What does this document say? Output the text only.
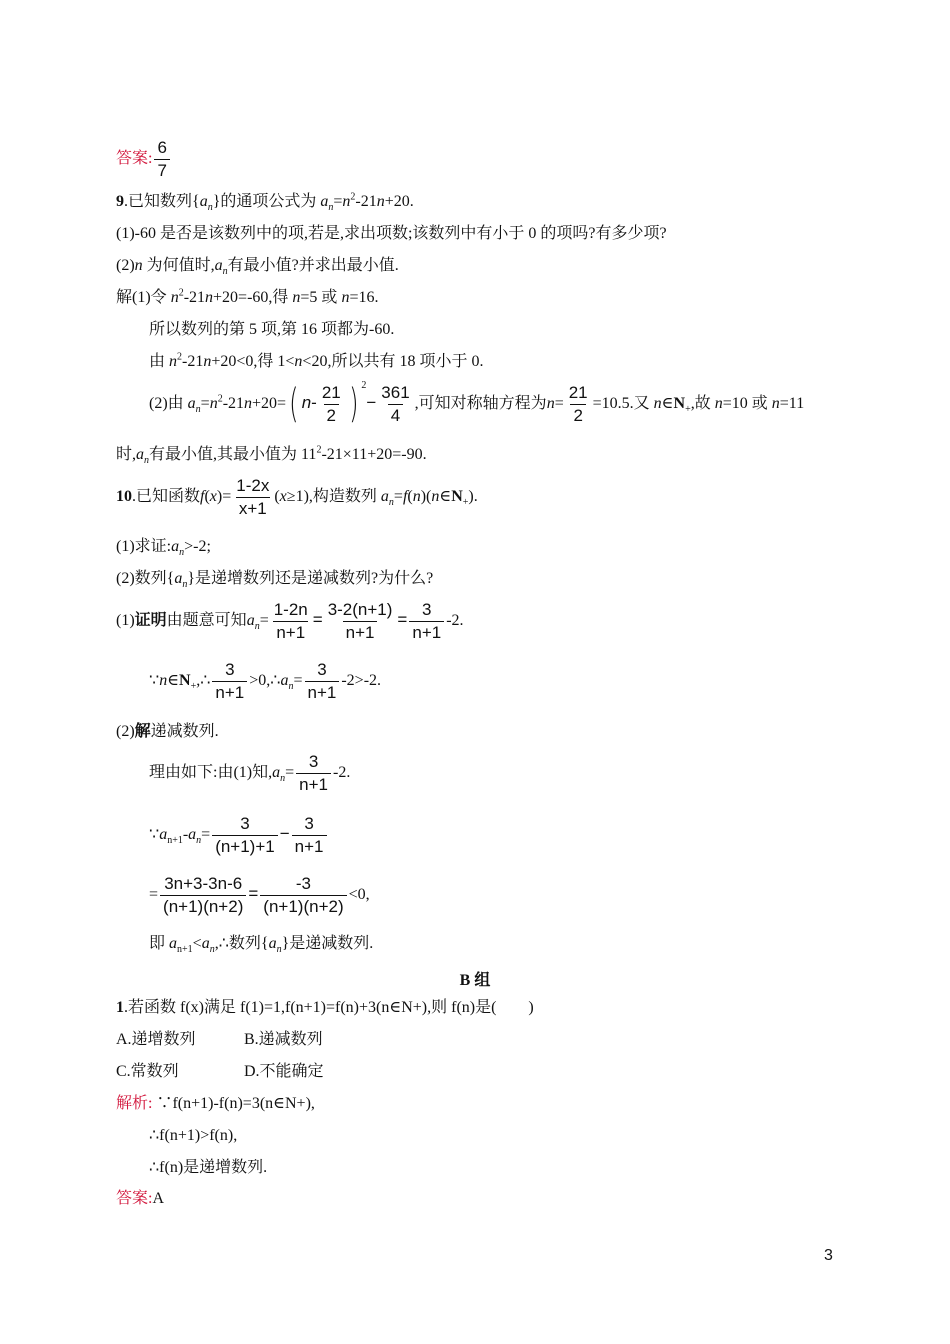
答案: $\frac{6}{7}$
9.已知数列$\{a_n\}$的通项公式为 $a_n=n^2-21n+20$.
(1)-60 是否是该数列中的项,若是,求出项数;该数列中有小于 0 的项吗?有多少项?
(2)n 为何值时$,a_n$有最小值?并求出最小值.
解(1)令 $n^2-21n+20=-60$,得 n=5 或 n=16.
所以数列的第 5 项,第 16 项都为-60.
由 $n^2-21n+20<0$,得 1<n<20,所以共有 18 项小于 0.
(2)由 $a_n=n^2-21n+20=$( $n- \frac{21}{2}$ ) $^2- \frac{361}{4}$ ,可知对称轴方程为$n= \frac{21}{2} =10.5$.又 $n\in N_+$,故 n=10 或 n=11
时$,a_n$有最小值,其最小值为 $11^2-21\times 11+20=-90$.
10.已知函数$f(x)= \frac{1-2x}{x+1} (x\ge 1)$,构造数列 $a_n=f(n)(n\in N_+)$.
(1)求证$:a_n>-2$;
(2)数列$\{a_n\}$是递增数列还是递减数列?为什么?
(1)证明由题意可知$a_n= \frac{1-2n}{n+1} = \frac{3-2(n+1)}{n+1} = \frac{3}{n+1} -2$.
$\because n\in N_+,\therefore \frac{3}{n+1}$ $>0,\therefore a_n= \frac{3}{n+1} -2>-2$.
(2)解递减数列.
理由如下:由(1)知$,a_n= \frac{3}{n+1} -2$.
$\because a_{n+1}-a_n= \frac{3}{(n+1)+1} - \frac{3}{n+1}$
= $\frac{3n+3-3n-6}{(n+1)(n+2)} = \frac{-3}{(n+1)(n+2)} <0$,
即 $a_{n+1}<a_n,\therefore$数列$\{a_n\}$是递减数列.
B 组
1.若函数 f(x)满足 f(1)=1,f(n+1)=f(n)+3(n∈N+),则 f(n)是(　　)
A.递增数列	B.递减数列
C.常数列	D.不能确定
解析: ∵f(n+1)-f(n)=3(n∈N+),
∴f(n+1)>f(n),
∴f(n)是递增数列.
答案:A
3
